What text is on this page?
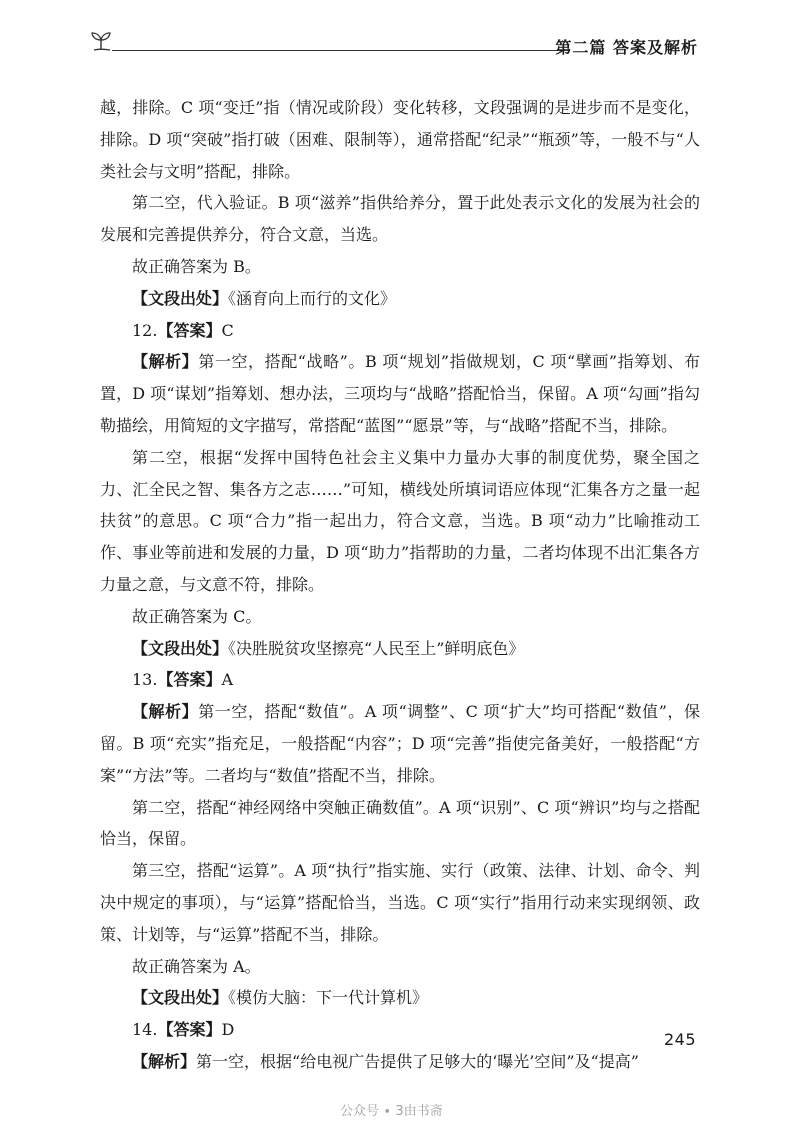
第二篇 答案及解析

越，排除。C 项“变迁”指（情况或阶段）变化转移，文段强调的是进步而不是变化，排除。D 项“突破”指打破（困难、限制等），通常搭配“纪录”“瓶颈”等，一般不与“人类社会与文明”搭配，排除。

第二空，代入验证。B 项“滋养”指供给养分，置于此处表示文化的发展为社会的发展和完善提供养分，符合文意，当选。

故正确答案为 B。

【文段出处】《涵育向上而行的文化》

12.【答案】C

【解析】第一空，搭配“战略”。B 项“规划”指做规划，C 项“擘画”指筹划、布置，D 项“谋划”指筹划、想办法，三项均与“战略”搭配恰当，保留。A 项“勾画”指勾勒描绘，用简短的文字描写，常搭配“蓝图”“愿景”等，与“战略”搭配不当，排除。

第二空，根据“发挥中国特色社会主义集中力量办大事的制度优势，聚全国之力、汇全民之智、集各方之志……”可知，横线处所填词语应体现“汇集各方之量一起扶贫”的意思。C 项“合力”指一起出力，符合文意，当选。B 项“动力”比喻推动工作、事业等前进和发展的力量，D 项“助力”指帮助的力量，二者均体现不出汇集各方力量之意，与文意不符，排除。

故正确答案为 C。

【文段出处】《决胜脱贫攻坚擦亮“人民至上”鲜明底色》

13.【答案】A

【解析】第一空，搭配“数值”。A 项“调整”、C 项“扩大”均可搭配“数值”，保留。B 项“充实”指充足，一般搭配“内容”；D 项“完善”指使完备美好，一般搭配“方案”“方法”等。二者均与“数值”搭配不当，排除。

第二空，搭配“神经网络中突触正确数值”。A 项“识别”、C 项“辨识”均与之搭配恰当，保留。

第三空，搭配“运算”。A 项“执行”指实施、实行（政策、法律、计划、命令、判决中规定的事项），与“运算”搭配恰当，当选。C 项“实行”指用行动来实现纲领、政策、计划等，与“运算”搭配不当，排除。

故正确答案为 A。

【文段出处】《模仿大脑：下一代计算机》

14.【答案】D

【解析】第一空，根据“给电视广告提供了足够大的‘曝光’空间”及“提高”

245
公众号 ∙ 3由书斋
